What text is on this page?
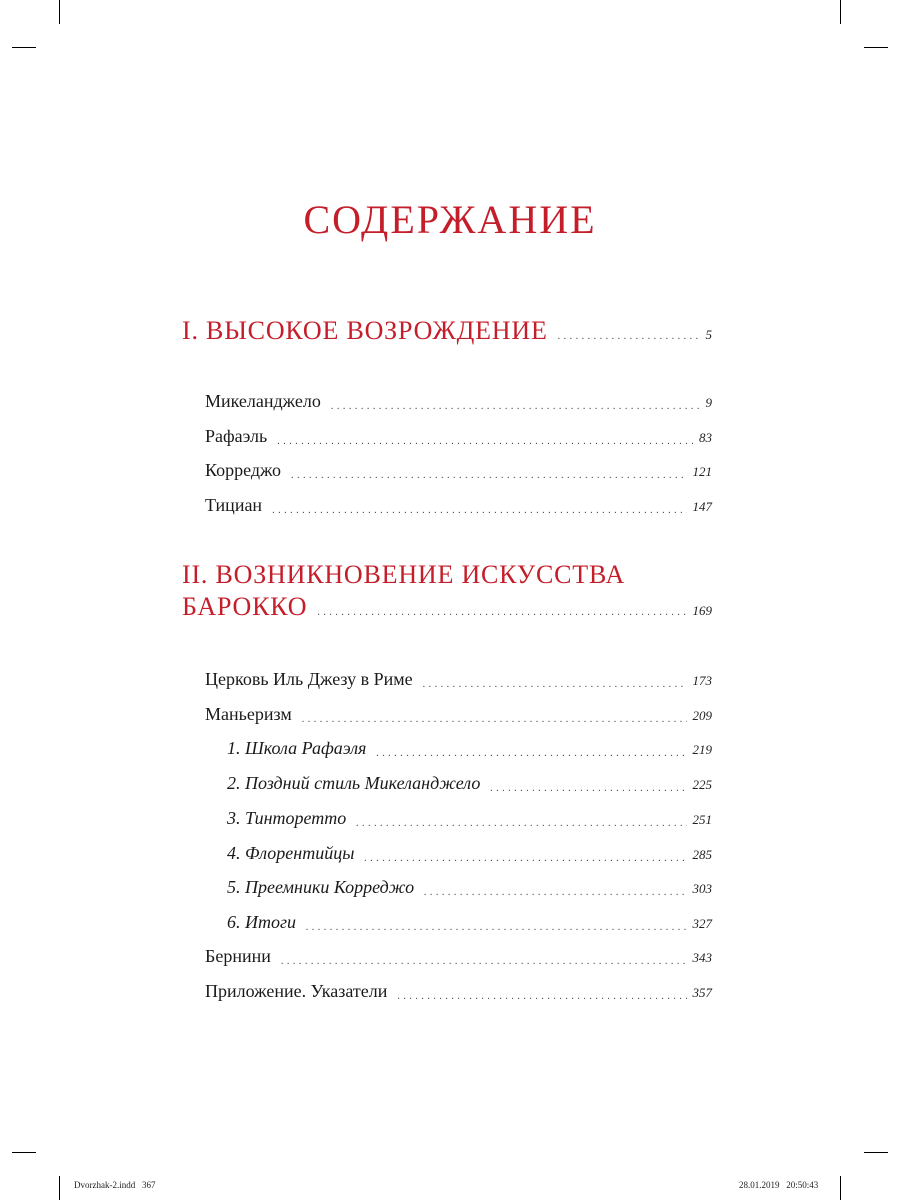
СОДЕРЖАНИЕ
I. ВЫСОКОЕ ВОЗРОЖДЕНИЕ . . .	5
Микеланджело . . .	9
Рафаэль . . .	83
Корреджо . . .	121
Тициан . . .	147
II. ВОЗНИКНОВЕНИЕ ИСКУССТВА
БАРОККО . . .	169
Церковь Иль Джезу в Риме . . .	173
Маньеризм . . .	209
1. Школа Рафаэля . . .	219
2. Поздний стиль Микеланджело . . .	225
3. Тинторетто . . .	251
4. Флорентийцы . . .	285
5. Преемники Корреджо . . .	303
6. Итоги . . .	327
Бернини . . .	343
Приложение. Указатели . . .	357
Dvorzhak-2.indd   367	28.01.2019   20:50:43
